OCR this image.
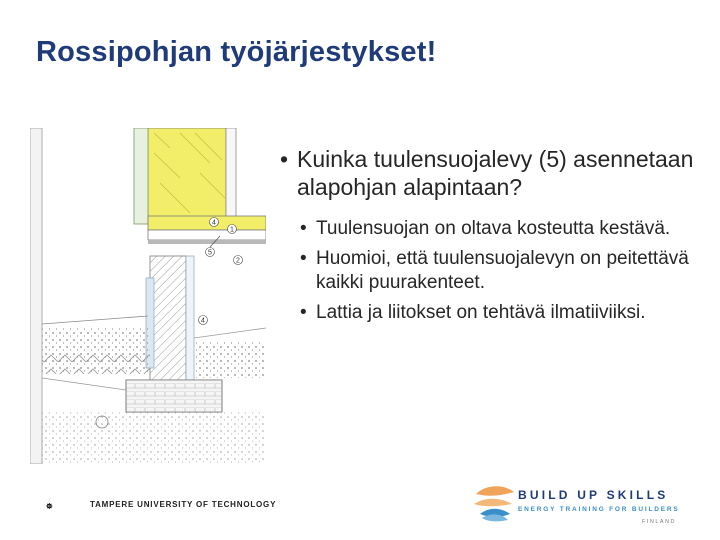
Rossipohjan työjärjestykset!
4
1
5
2
4
• Kuinka tuulensuojalevy (5) asennetaan alapohjan alapintaan?
• Tuulensuojan on oltava kosteutta kestävä.
• Huomioi, että tuulensuojalevyn on peitettävä kaikki puurakenteet.
• Lattia ja liitokset on tehtävä ilmatiiviiksi.
TAMPERE UNIVERSITY OF TECHNOLOGY
BUILD UP SKILLS
ENERGY TRAINING FOR BUILDERS
FINLAND
